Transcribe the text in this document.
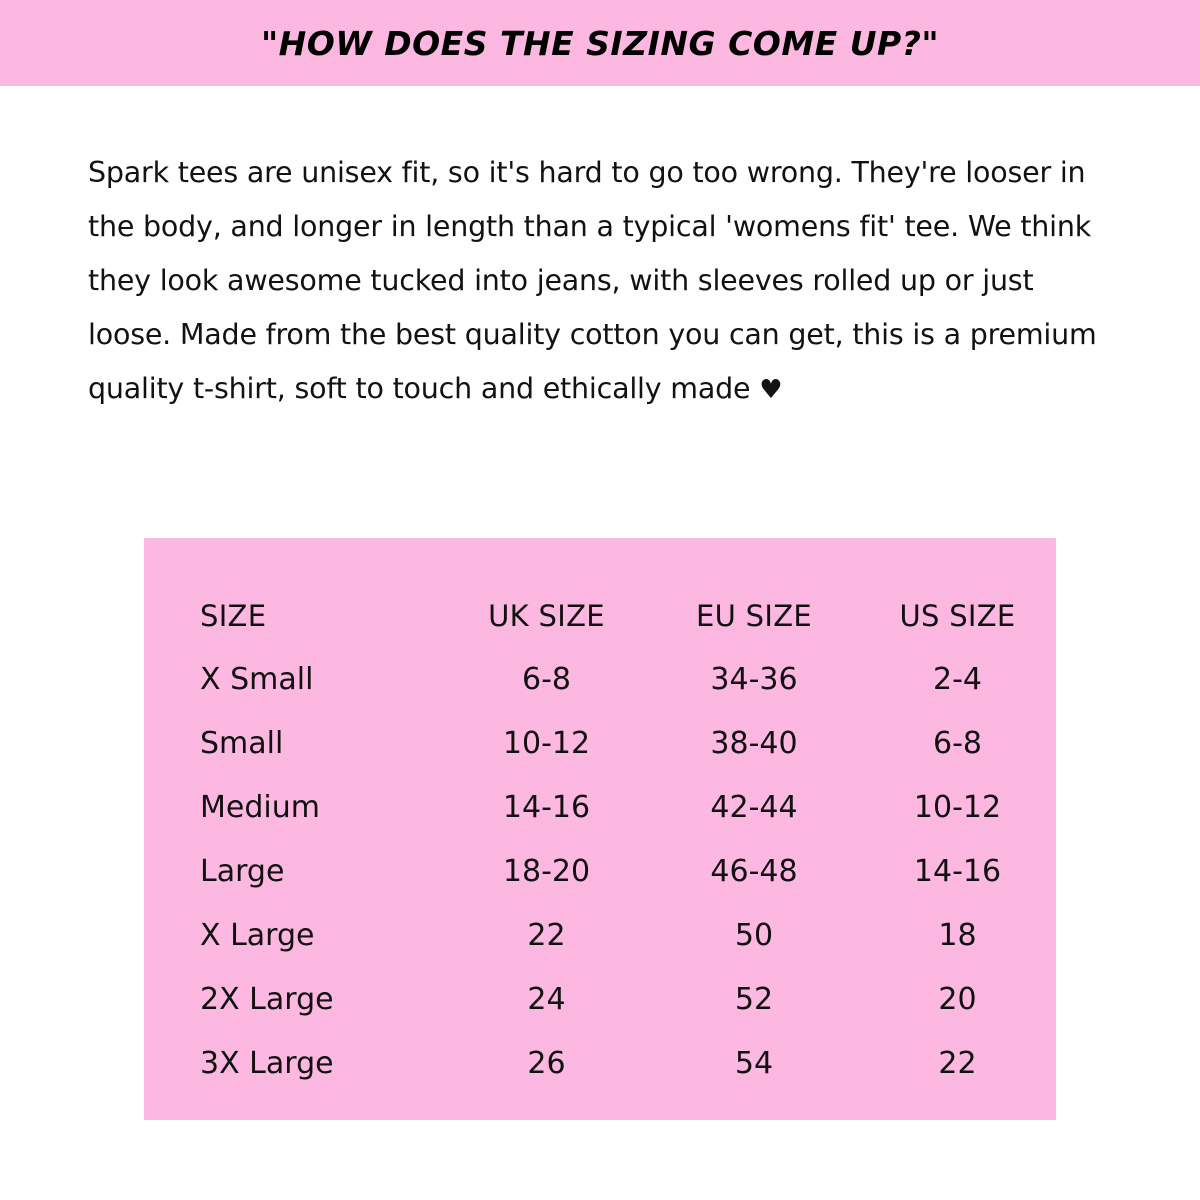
"HOW DOES THE SIZING COME UP?"

Spark tees are unisex fit, so it's hard to go too wrong. They're looser in the body, and longer in length than a typical 'womens fit' tee. We think they look awesome tucked into jeans, with sleeves rolled up or just loose. Made from the best quality cotton you can get, this is a premium quality t-shirt, soft to touch and ethically made ♥

SIZE	UK SIZE	EU SIZE	US SIZE
X Small	6-8	34-36	2-4
Small	10-12	38-40	6-8
Medium	14-16	42-44	10-12
Large	18-20	46-48	14-16
X Large	22	50	18
2X Large	24	52	20
3X Large	26	54	22
